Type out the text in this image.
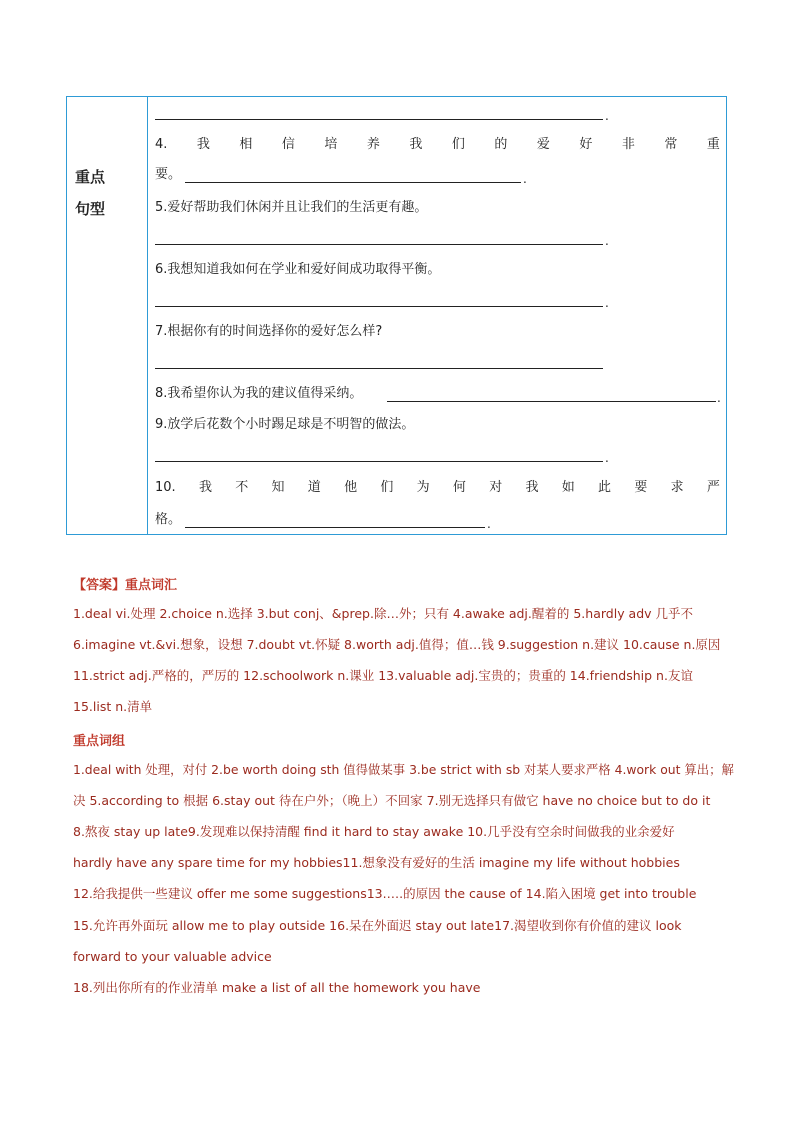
重点
句型
.
4. 我 相 信 培 养 我 们 的 爱 好 非 常 重
要。	.
5.爱好帮助我们休闲并且让我们的生活更有趣。
.
6.我想知道我如何在学业和爱好间成功取得平衡。
.
7.根据你有的时间选择你的爱好怎么样?
8.我希望你认为我的建议值得采纳。	.
9.放学后花数个小时踢足球是不明智的做法。
.
10. 我 不 知 道 他 们 为 何 对 我 如 此 要 求 严
格。	.
【答案】重点词汇
1.deal vi.处理 2.choice n.选择 3.but conj、&prep.除…外；只有 4.awake adj.醒着的 5.hardly adv 几乎不
6.imagine vt.&vi.想象，设想 7.doubt vt.怀疑 8.worth adj.值得；值…钱 9.suggestion n.建议 10.cause n.原因
11.strict adj.严格的，严厉的 12.schoolwork n.课业 13.valuable adj.宝贵的；贵重的 14.friendship n.友谊
15.list n.清单
重点词组
1.deal with 处理，对付 2.be worth doing sth 值得做某事 3.be strict with sb 对某人要求严格 4.work out 算出；解
决 5.according to 根据 6.stay out 待在户外；（晚上）不回家 7.别无选择只有做它 have no choice but to do it
8.熬夜 stay up late9.发现难以保持清醒 find it hard to stay awake 10.几乎没有空余时间做我的业余爱好
hardly have any spare time for my hobbies11.想象没有爱好的生活 imagine my life without hobbies
12.给我提供一些建议 offer me some suggestions13.….的原因 the cause of 14.陷入困境 get into trouble
15.允许再外面玩 allow me to play outside 16.呆在外面迟 stay out late17.渴望收到你有价值的建议 look
forward to your valuable advice
18.列出你所有的作业清单 make a list of all the homework you have
